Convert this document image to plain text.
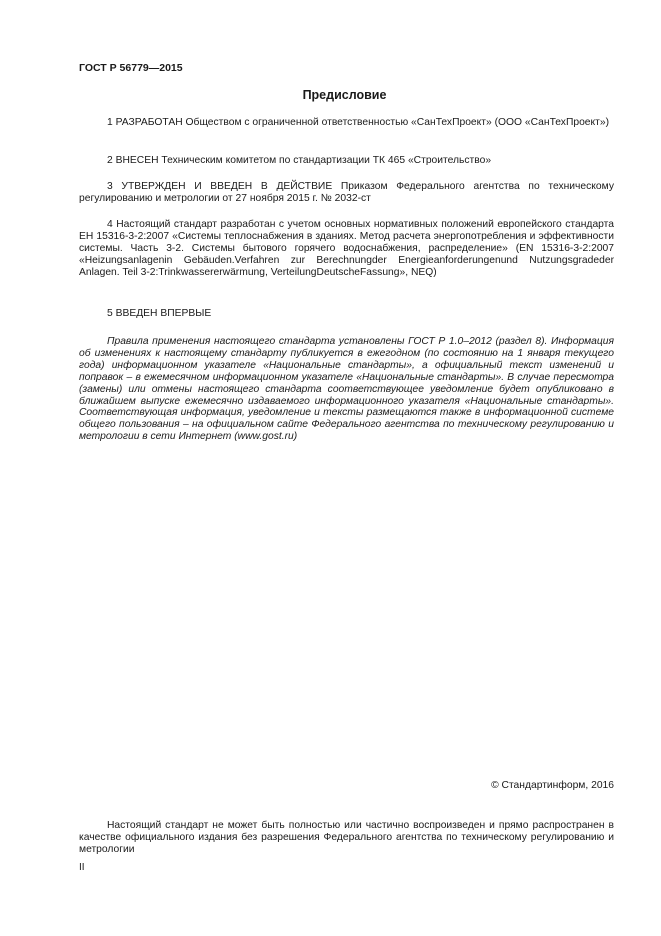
ГОСТ Р 56779—2015
Предисловие

1 РАЗРАБОТАН Обществом с ограниченной ответственностью «СанТехПроект» (ООО «СанТехПроект»)

2 ВНЕСЕН Техническим комитетом по стандартизации ТК 465 «Строительство»

3 УТВЕРЖДЕН И ВВЕДЕН В ДЕЙСТВИЕ Приказом Федерального агентства по техническому регулированию и метрологии от 27 ноября 2015 г. № 2032-ст

4 Настоящий стандарт разработан с учетом основных нормативных положений европейского стандарта ЕН 15316-3-2:2007 «Системы теплоснабжения в зданиях. Метод расчета энергопотребления и эффективности системы. Часть 3-2. Системы бытового горячего водоснабжения, распределение» (EN 15316-3-2:2007 «Heizungsanlagenin Gebäuden.Verfahren zur Berechnungder Energieanforderungenund Nutzungsgradeder Anlagen. Teil 3-2:Trinkwassererwärmung, VerteilungDeutscheFassung», NEQ)

5 ВВЕДЕН ВПЕРВЫЕ

Правила применения настоящего стандарта установлены ГОСТ Р 1.0–2012 (раздел 8). Информация об изменениях к настоящему стандарту публикуется в ежегодном (по состоянию на 1 января текущего года) информационном указателе «Национальные стандарты», а официальный текст изменений и поправок – в ежемесячном информационном указателе «Национальные стандарты». В случае пересмотра (замены) или отмены настоящего стандарта соответствующее уведомление будет опубликовано в ближайшем выпуске ежемесячно издаваемого информационного указателя «Национальные стандарты». Соответствующая информация, уведомление и тексты размещаются также в информационной системе общего пользования – на официальном сайте Федерального агентства по техническому регулированию и метрологии в сети Интернет (www.gost.ru)

© Стандартинформ, 2016

Настоящий стандарт не может быть полностью или частично воспроизведен и прямо распространен в качестве официального издания без разрешения Федерального агентства по техническому регулированию и метрологии

II
